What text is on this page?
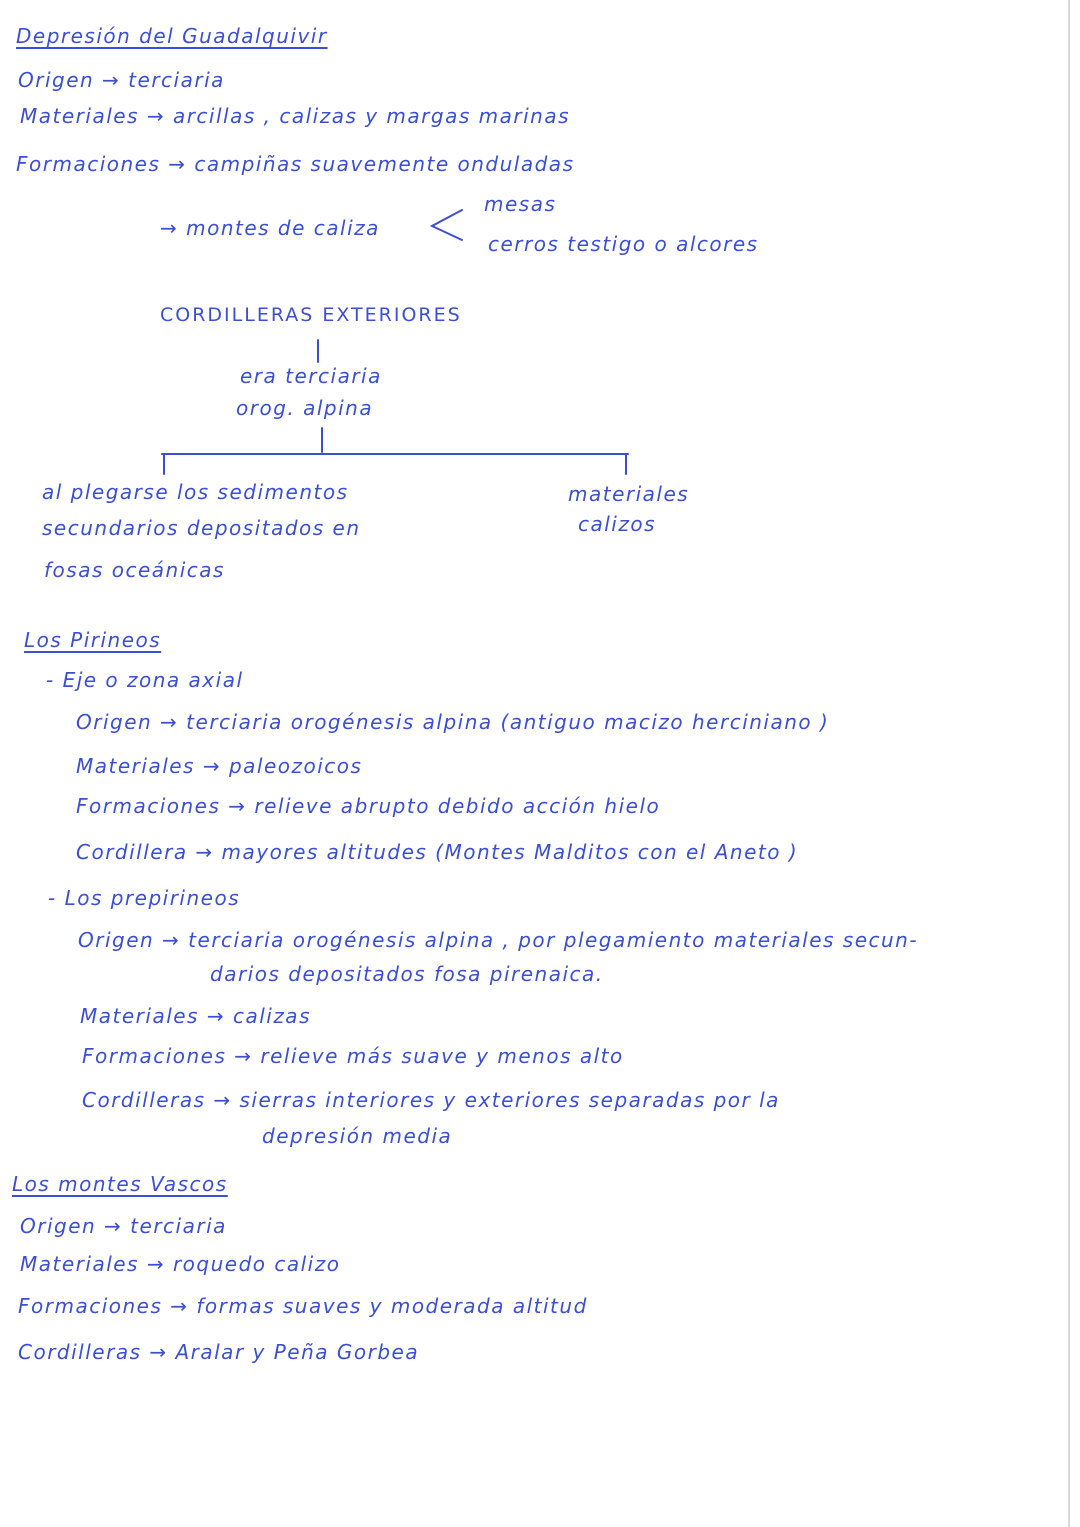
Depresión del Guadalquivir
Origen → terciaria
Materiales → arcillas , calizas y margas marinas
Formaciones → campiñas suavemente onduladas
→ montes de caliza
mesas
cerros testigo o alcores
CORDILLERAS EXTERIORES
era terciaria
orog. alpina
al plegarse los sedimentos
secundarios depositados en
fosas oceánicas
materiales
calizos
Los Pirineos
- Eje o zona axial
Origen → terciaria orogénesis alpina (antiguo macizo herciniano )
Materiales → paleozoicos
Formaciones → relieve abrupto debido acción hielo
Cordillera → mayores altitudes (Montes Malditos con el Aneto )
- Los prepirineos
Origen → terciaria orogénesis alpina , por plegamiento materiales secun-
darios depositados fosa pirenaica.
Materiales → calizas
Formaciones → relieve más suave y menos alto
Cordilleras → sierras interiores y exteriores separadas por la
depresión media
Los montes Vascos
Origen → terciaria
Materiales → roquedo calizo
Formaciones → formas suaves y moderada altitud
Cordilleras → Aralar y Peña Gorbea
